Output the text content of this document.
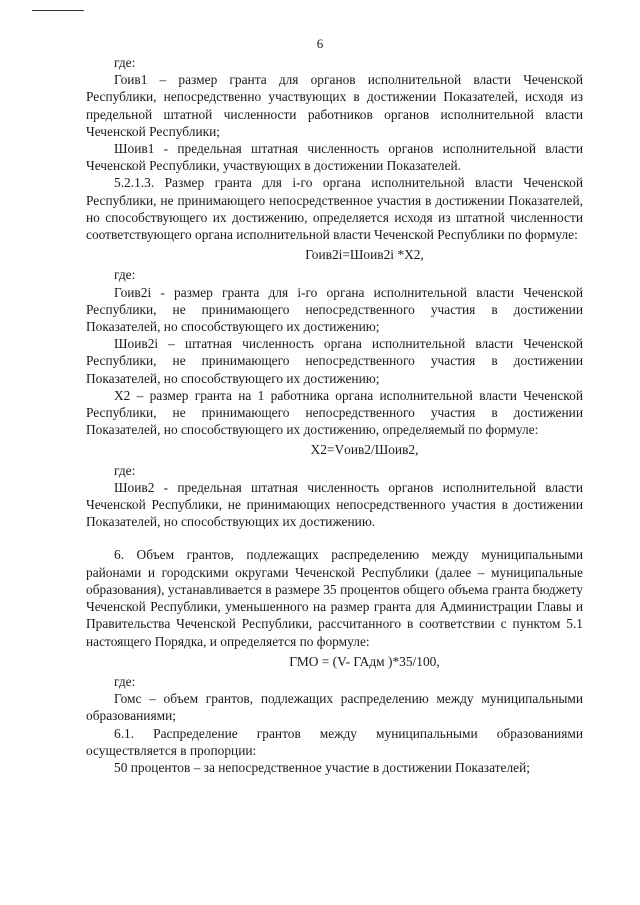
6

где:

Гоив1 – размер гранта для органов исполнительной власти Чеченской Республики, непосредственно участвующих в достижении Показателей, исходя из предельной штатной численности работников органов исполнительной власти Чеченской Республики;

Шоив1 - предельная штатная численность органов исполнительной власти Чеченской Республики, участвующих в достижении Показателей.

5.2.1.3. Размер гранта для i-го органа исполнительной власти Чеченской Республики, не принимающего непосредственное участия в достижении Показателей, но способствующего их достижению, определяется исходя из штатной численности соответствующего органа исполнительной власти Чеченской Республики по формуле:

Гоив2i=Шоив2i *Х2,

где:

Гоив2i - размер гранта для i-го органа исполнительной власти Чеченской Республики, не принимающего непосредственного участия в достижении Показателей, но способствующего их достижению;

Шоив2i – штатная численность органа исполнительной власти Чеченской Республики, не принимающего непосредственного участия в достижении Показателей, но способствующего их достижению;

Х2 – размер гранта на 1 работника органа исполнительной власти Чеченской Республики, не принимающего непосредственного участия в достижении Показателей, но способствующего их достижению, определяемый по формуле:

Х2=Vоив2/Шоив2,

где:

Шоив2 - предельная штатная численность органов исполнительной власти Чеченской Республики, не принимающих непосредственного участия в достижении Показателей, но способствующих их достижению.

6. Объем грантов, подлежащих распределению между муниципальными районами и городскими округами Чеченской Республики (далее – муниципальные образования), устанавливается в размере 35 процентов общего объема гранта бюджету Чеченской Республики, уменьшенного на размер гранта для Администрации Главы и Правительства Чеченской Республики, рассчитанного в соответствии с пунктом 5.1 настоящего Порядка, и определяется по формуле:

ГМО = (V- ГАдм )*35/100,

где:

Гомс – объем грантов, подлежащих распределению между муниципальными образованиями;

6.1. Распределение грантов между муниципальными образованиями осуществляется в пропорции:

50 процентов – за непосредственное участие в достижении Показателей;
